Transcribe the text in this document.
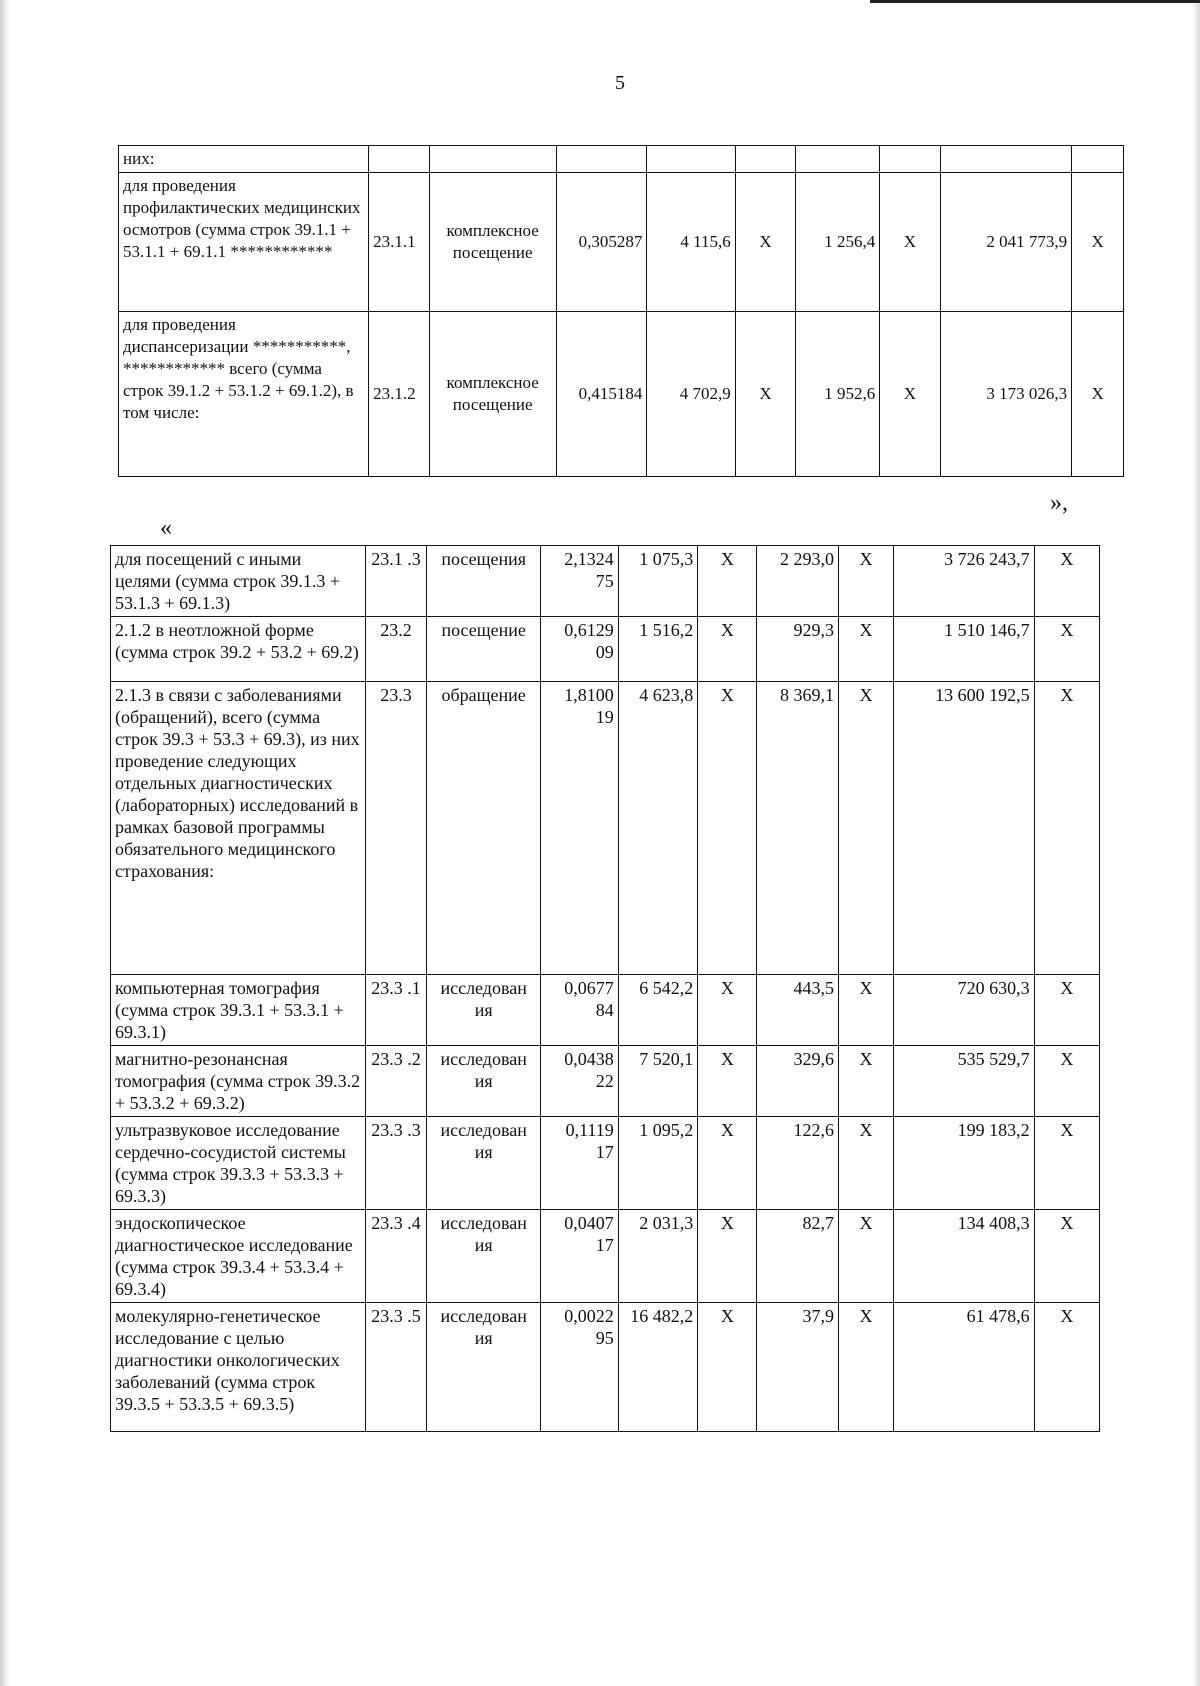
5
них:									
для проведения профилактических медицинских осмотров (сумма строк 39.1.1 + 53.1.1 + 69.1.1 ************	23.1.1	комплексное посещение	0,305287	4 115,6	Х	1 256,4	Х	2 041 773,9	Х
для проведения диспансеризации ***********, ************ всего (сумма строк 39.1.2 + 53.1.2 + 69.1.2), в том числе:	23.1.2	комплексное посещение	0,415184	4 702,9	Х	1 952,6	Х	3 173 026,3	Х
»,
«
для посещений с иными целями (сумма строк 39.1.3 + 53.1.3 + 69.1.3)	23.1 .3	посещения	2,1324 75	1 075,3	Х	2 293,0	Х	3 726 243,7	Х
2.1.2 в неотложной форме (сумма строк 39.2 + 53.2 + 69.2)	23.2	посещение	0,6129 09	1 516,2	Х	929,3	Х	1 510 146,7	Х
2.1.3 в связи с заболеваниями (обращений), всего (сумма строк 39.3 + 53.3 + 69.3), из них проведение следующих отдельных диагностических (лабораторных) исследований в рамках базовой программы обязательного медицинского страхования:	23.3	обращение	1,8100 19	4 623,8	Х	8 369,1	Х	13 600 192,5	Х
компьютерная томография (сумма строк 39.3.1 + 53.3.1 + 69.3.1)	23.3 .1	исследован ия	0,0677 84	6 542,2	Х	443,5	Х	720 630,3	Х
магнитно-резонансная томография (сумма строк 39.3.2 + 53.3.2 + 69.3.2)	23.3 .2	исследован ия	0,0438 22	7 520,1	Х	329,6	Х	535 529,7	Х
ультразвуковое исследование сердечно-сосудистой системы (сумма строк 39.3.3 + 53.3.3 + 69.3.3)	23.3 .3	исследован ия	0,1119 17	1 095,2	Х	122,6	Х	199 183,2	Х
эндоскопическое диагностическое исследование (сумма строк 39.3.4 + 53.3.4 + 69.3.4)	23.3 .4	исследован ия	0,0407 17	2 031,3	Х	82,7	Х	134 408,3	Х
молекулярно-генетическое исследование с целью диагностики онкологических заболеваний (сумма строк 39.3.5 + 53.3.5 + 69.3.5)	23.3 .5	исследован ия	0,0022 95	16 482,2	Х	37,9	Х	61 478,6	Х
